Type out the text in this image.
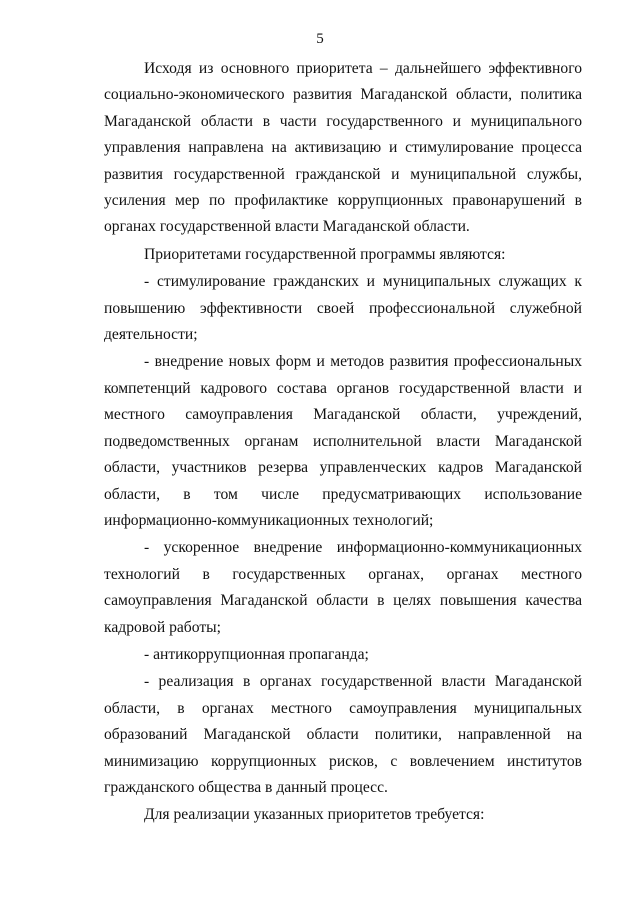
5

Исходя из основного приоритета – дальнейшего эффективного социально-экономического развития Магаданской области, политика Магаданской области в части государственного и муниципального управления направлена на активизацию и стимулирование процесса развития государственной гражданской и муниципальной службы, усиления мер по профилактике коррупционных правонарушений в органах государственной власти Магаданской области.

Приоритетами государственной программы являются:

- стимулирование гражданских и муниципальных служащих к повышению эффективности своей профессиональной служебной деятельности;

- внедрение новых форм и методов развития профессиональных компетенций кадрового состава органов государственной власти и местного самоуправления Магаданской области, учреждений, подведомственных органам исполнительной власти Магаданской области, участников резерва управленческих кадров Магаданской области, в том числе предусматривающих использование информационно-коммуникационных технологий;

- ускоренное внедрение информационно-коммуникационных технологий в государственных органах, органах местного самоуправления Магаданской области в целях повышения качества кадровой работы;

- антикоррупционная пропаганда;

- реализация в органах государственной власти Магаданской области, в органах местного самоуправления муниципальных образований Магаданской области политики, направленной на минимизацию коррупционных рисков, с вовлечением институтов гражданского общества в данный процесс.

Для реализации указанных приоритетов требуется:
